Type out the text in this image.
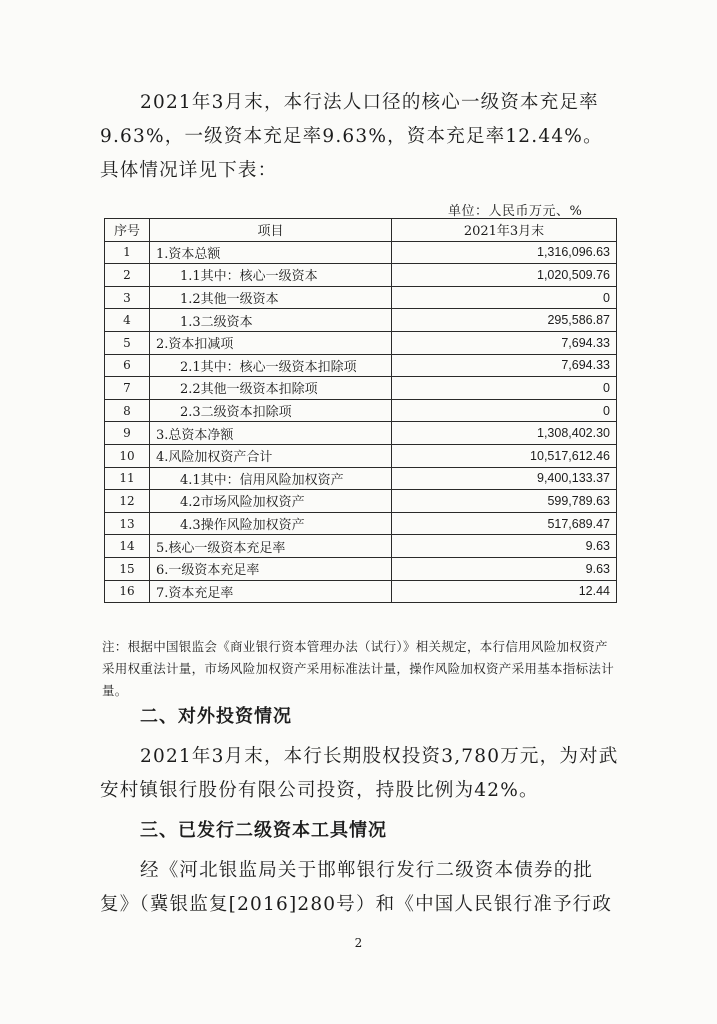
2021年3月末，本行法人口径的核心一级资本充足率9.63%，一级资本充足率9.63%，资本充足率12.44%。具体情况详见下表：

单位：人民币万元、%
序号	项目	2021年3月末
1	1.资本总额	1,316,096.63
2	1.1其中：核心一级资本	1,020,509.76
3	1.2其他一级资本	0
4	1.3二级资本	295,586.87
5	2.资本扣减项	7,694.33
6	2.1其中：核心一级资本扣除项	7,694.33
7	2.2其他一级资本扣除项	0
8	2.3二级资本扣除项	0
9	3.总资本净额	1,308,402.30
10	4.风险加权资产合计	10,517,612.46
11	4.1其中：信用风险加权资产	9,400,133.37
12	4.2市场风险加权资产	599,789.63
13	4.3操作风险加权资产	517,689.47
14	5.核心一级资本充足率	9.63
15	6.一级资本充足率	9.63
16	7.资本充足率	12.44

注：根据中国银监会《商业银行资本管理办法（试行）》相关规定，本行信用风险加权资产采用权重法计量，市场风险加权资产采用标准法计量，操作风险加权资产采用基本指标法计量。

二、对外投资情况

2021年3月末，本行长期股权投资3,780万元，为对武安村镇银行股份有限公司投资，持股比例为42%。

三、已发行二级资本工具情况

经《河北银监局关于邯郸银行发行二级资本债券的批复》（冀银监复[2016]280号）和《中国人民银行准予行政

2
